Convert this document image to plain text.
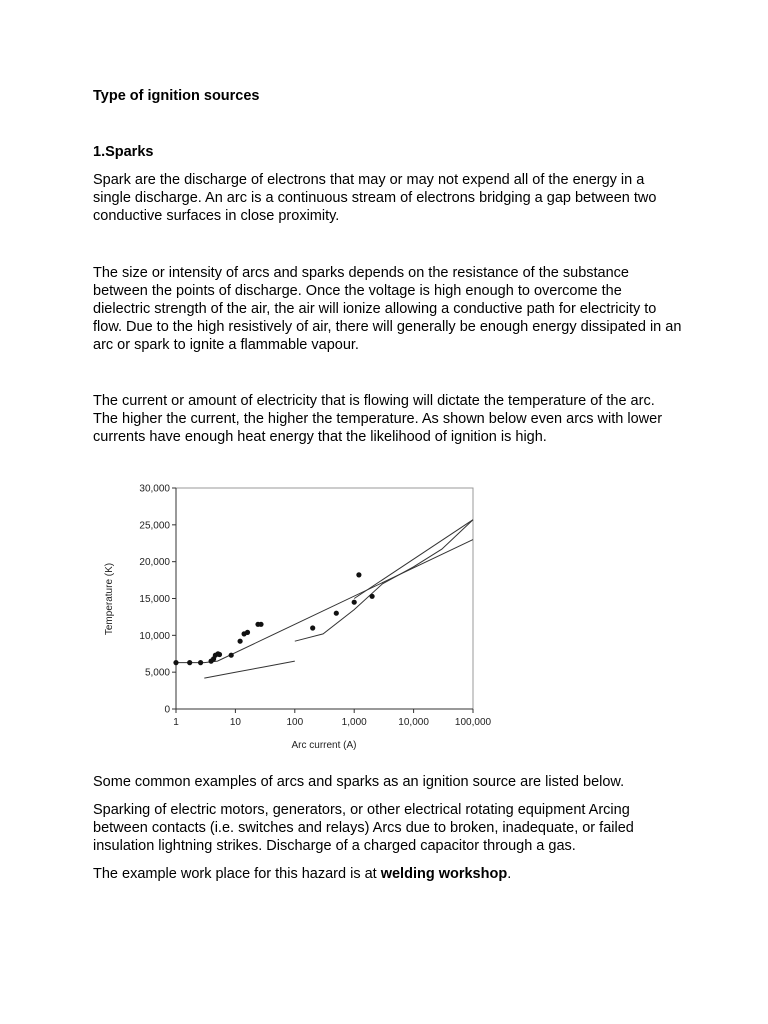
Type of ignition sources
1.Sparks
Spark are the discharge of electrons that may or may not expend all of the energy in a single discharge. An arc is a continuous stream of electrons bridging a gap between two conductive surfaces in close proximity.
The size or intensity of arcs and sparks depends on the resistance of the substance between the points of discharge. Once the voltage is high enough to overcome the dielectric strength of the air, the air will ionize allowing a conductive path for electricity to flow. Due to the high resistively of air, there will generally be enough energy dissipated in an arc or spark to ignite a flammable vapour.
The current or amount of electricity that is flowing will dictate the temperature of the arc. The higher the current, the higher the temperature. As shown below even arcs with lower currents have enough heat energy that the likelihood of ignition is high.
0
5,000
10,000
15,000
20,000
25,000
30,000
1	10	100	1,000	10,000	100,000
Arc current (A)
Temperature (K)
Some common examples of arcs and sparks as an ignition source are listed below.
Sparking of electric motors, generators, or other electrical rotating equipment Arcing between contacts (i.e. switches and relays) Arcs due to broken, inadequate, or failed insulation lightning strikes. Discharge of a charged capacitor through a gas.
The example work place for this hazard is at welding workshop.
